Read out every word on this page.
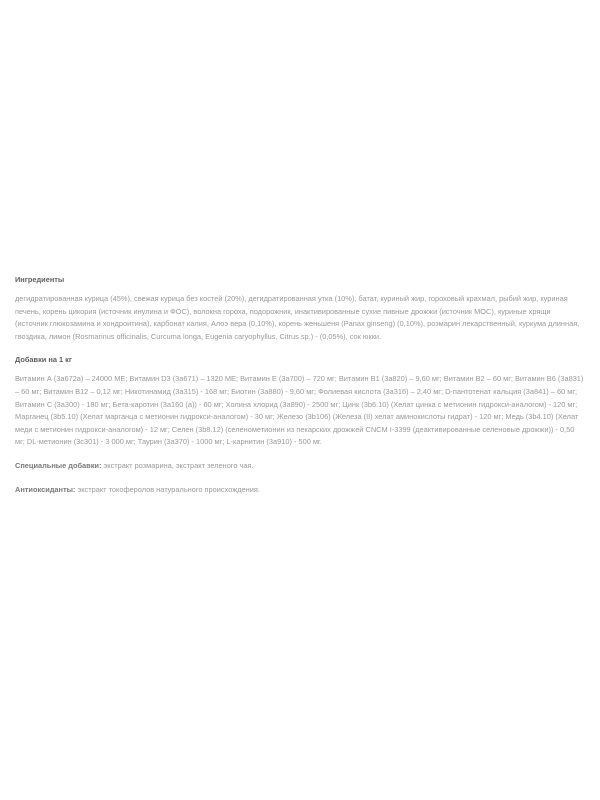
Ингредиенты

дегидратированная курица (45%), свежая курица без костей (20%), дегидратированная утка (10%), батат, куриный жир, гороховый крахмал, рыбий жир, куриная печень, корень цикория (источник инулина и ФОС), волокна гороха, подорожник, инактивированные сухие пивные дрожжи (источник МОС), куриные хрящи (источник глюкозамина и хондроитина), карбонат калия, Алоэ вера (0,10%), корень женьшеня (Panax ginseng) (0,10%), розмарин лекарственный, куркума длинная, гвоздика, лимон (Rosmarinus officinalis, Curcuma longa, Eugenia caryophyllus, Citrus sp.) - (0,05%), сок юкки.

Добавки на 1 кг

Витамин А (3а672а) – 24000 МЕ; Витамин D3 (3а671) – 1320 МЕ; Витамин Е (3а700) – 720 мг; Витамин В1 (3а820) – 9,60 мг; Витамин В2 – 60 мг; Витамин В6 (3а831) – 60 мг; Витамин В12 – 0,12 мг; Никотинамид (3а315) - 168 мг; Биотин (3а880) - 9,60 мг; Фолиевая кислота (3а316) – 2,40 мг; D-пантотенат кальция (3а841) – 60 мг; Витамин С (3а300) - 180 мг; Бета-каротин (3а160 (а)) - 60 мг; Холина хлорид (3а890) - 2500 мг; Цинк (3b6.10) (Хелат цинка с метионин гидрокси-аналогом) - 120 мг; Марганец (3b5.10) (Хелат марганца с метионин гидрокси-аналогом) - 30 мг; Железо (3b106) (Железа (II) хелат аминокислоты гидрат) - 120 мг; Медь (3b4.10) (Хелат меди с метионин гидрокси-аналогом) - 12 мг; Селен (3b8.12) (селенометионин из пекарских дрожжей CNCM I-3399 (деактивированные селеновые дрожжи)) - 0,50 мг; DL-метионин (3c301) - 3 000 мг; Таурин (3а370) - 1000 мг; L-карнитин (3а910) - 500 мг.

Специальные добавки: экстракт розмарина, экстракт зеленого чая.

Антиоксиданты: экстракт токоферолов натурального происхождения.
